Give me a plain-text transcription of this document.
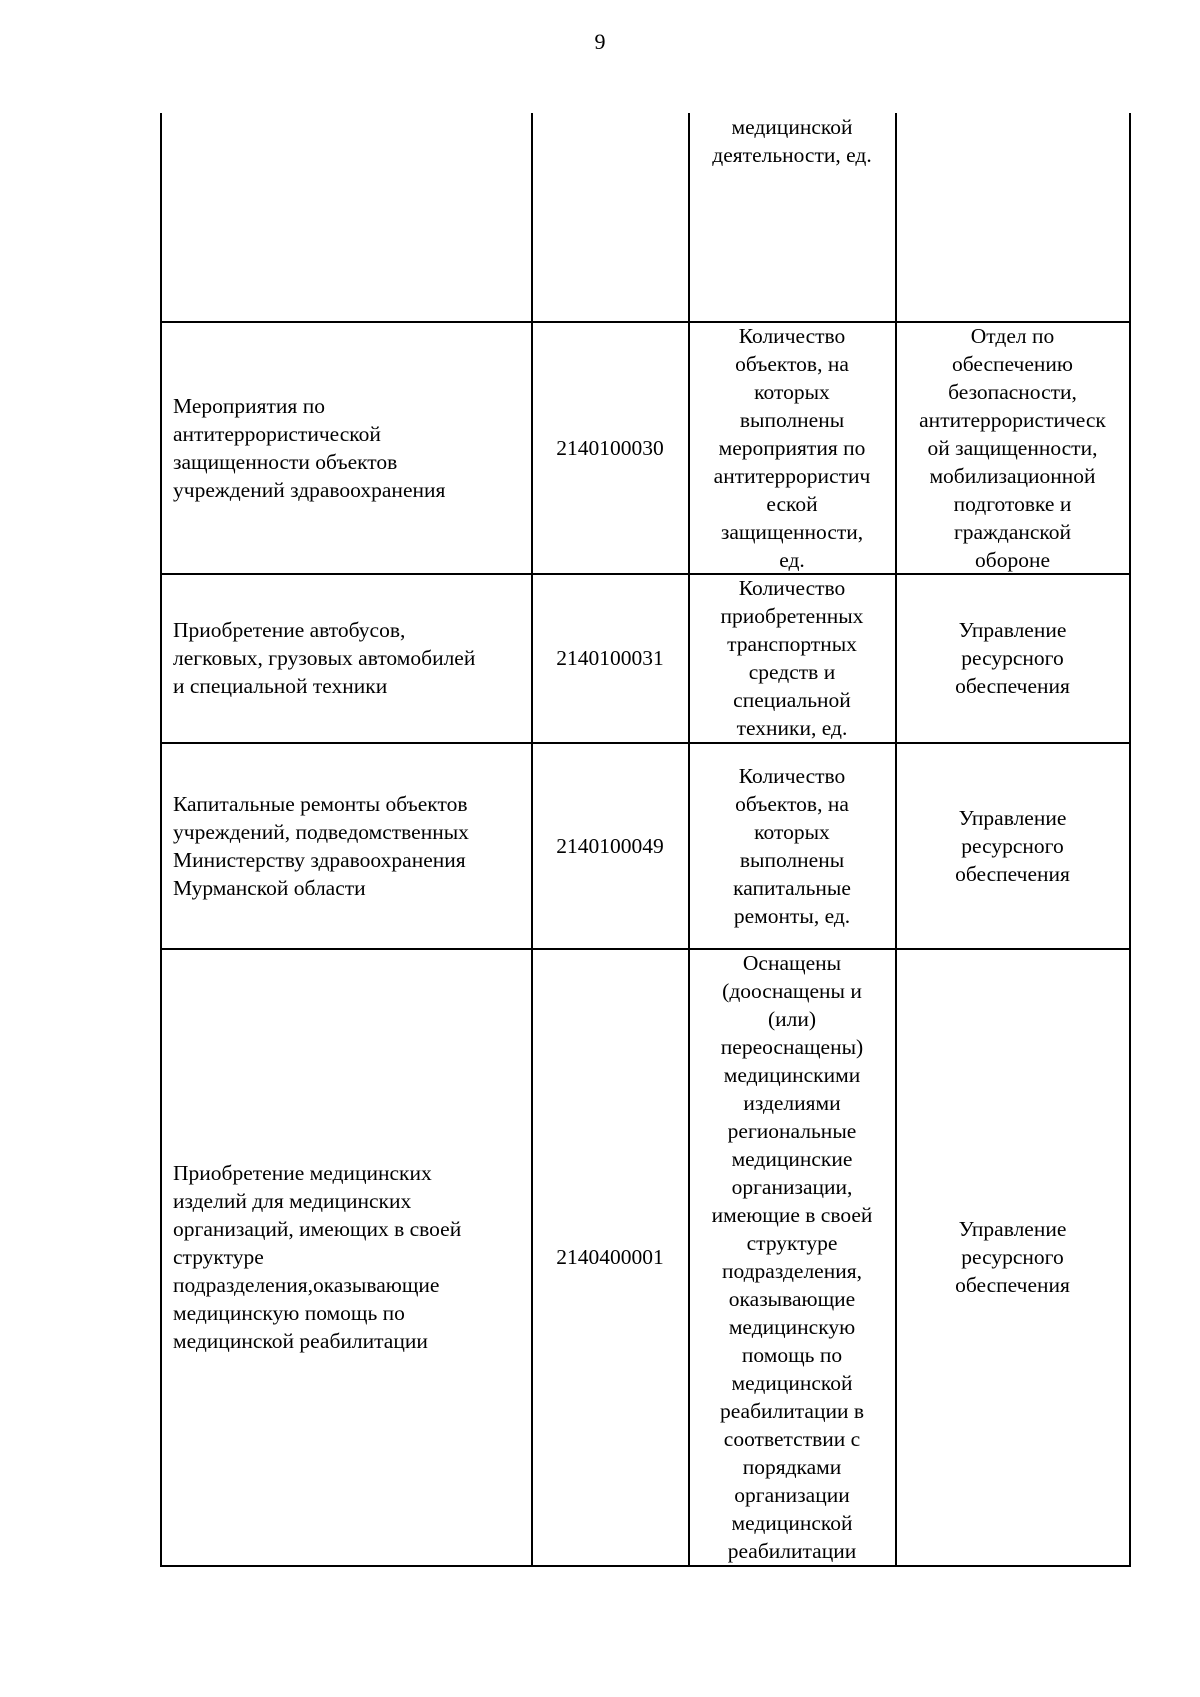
9
медицинской
деятельности, ед.
Мероприятия по
антитеррористической
защищенности объектов
учреждений здравоохранения
2140100030
Количество
объектов, на
которых
выполнены
мероприятия по
антитеррористич
еской
защищенности,
ед.
Отдел по
обеспечению
безопасности,
антитеррористическ
ой защищенности,
мобилизационной
подготовке и
гражданской
обороне
Приобретение автобусов,
легковых, грузовых автомобилей
и специальной техники
2140100031
Количество
приобретенных
транспортных
средств и
специальной
техники, ед.
Управление
ресурсного
обеспечения
Капитальные ремонты объектов
учреждений, подведомственных
Министерству здравоохранения
Мурманской области
2140100049
Количество
объектов, на
которых
выполнены
капитальные
ремонты, ед.
Управление
ресурсного
обеспечения
Приобретение медицинских
изделий для медицинских
организаций, имеющих в своей
структуре
подразделения,оказывающие
медицинскую помощь по
медицинской реабилитации
2140400001
Оснащены
(дооснащены и
(или)
переоснащены)
медицинскими
изделиями
региональные
медицинские
организации,
имеющие в своей
структуре
подразделения,
оказывающие
медицинскую
помощь по
медицинской
реабилитации в
соответствии с
порядками
организации
медицинской
реабилитации
Управление
ресурсного
обеспечения
